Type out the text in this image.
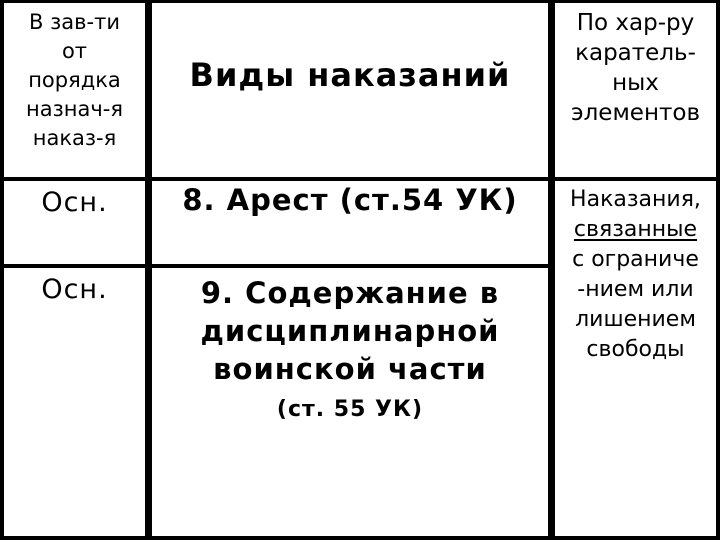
В зав-ти
от
порядка
назнач-я
наказ-я
Виды наказаний
По хар-ру
каратель-
ных
элементов
Осн.	8. Арест (ст.54 УК)
Осн.	9. Содержание в
дисциплинарной
воинской части
(ст. 55 УК)
Наказания,
связанные
с ограниче
-нием или
лишением
свободы
